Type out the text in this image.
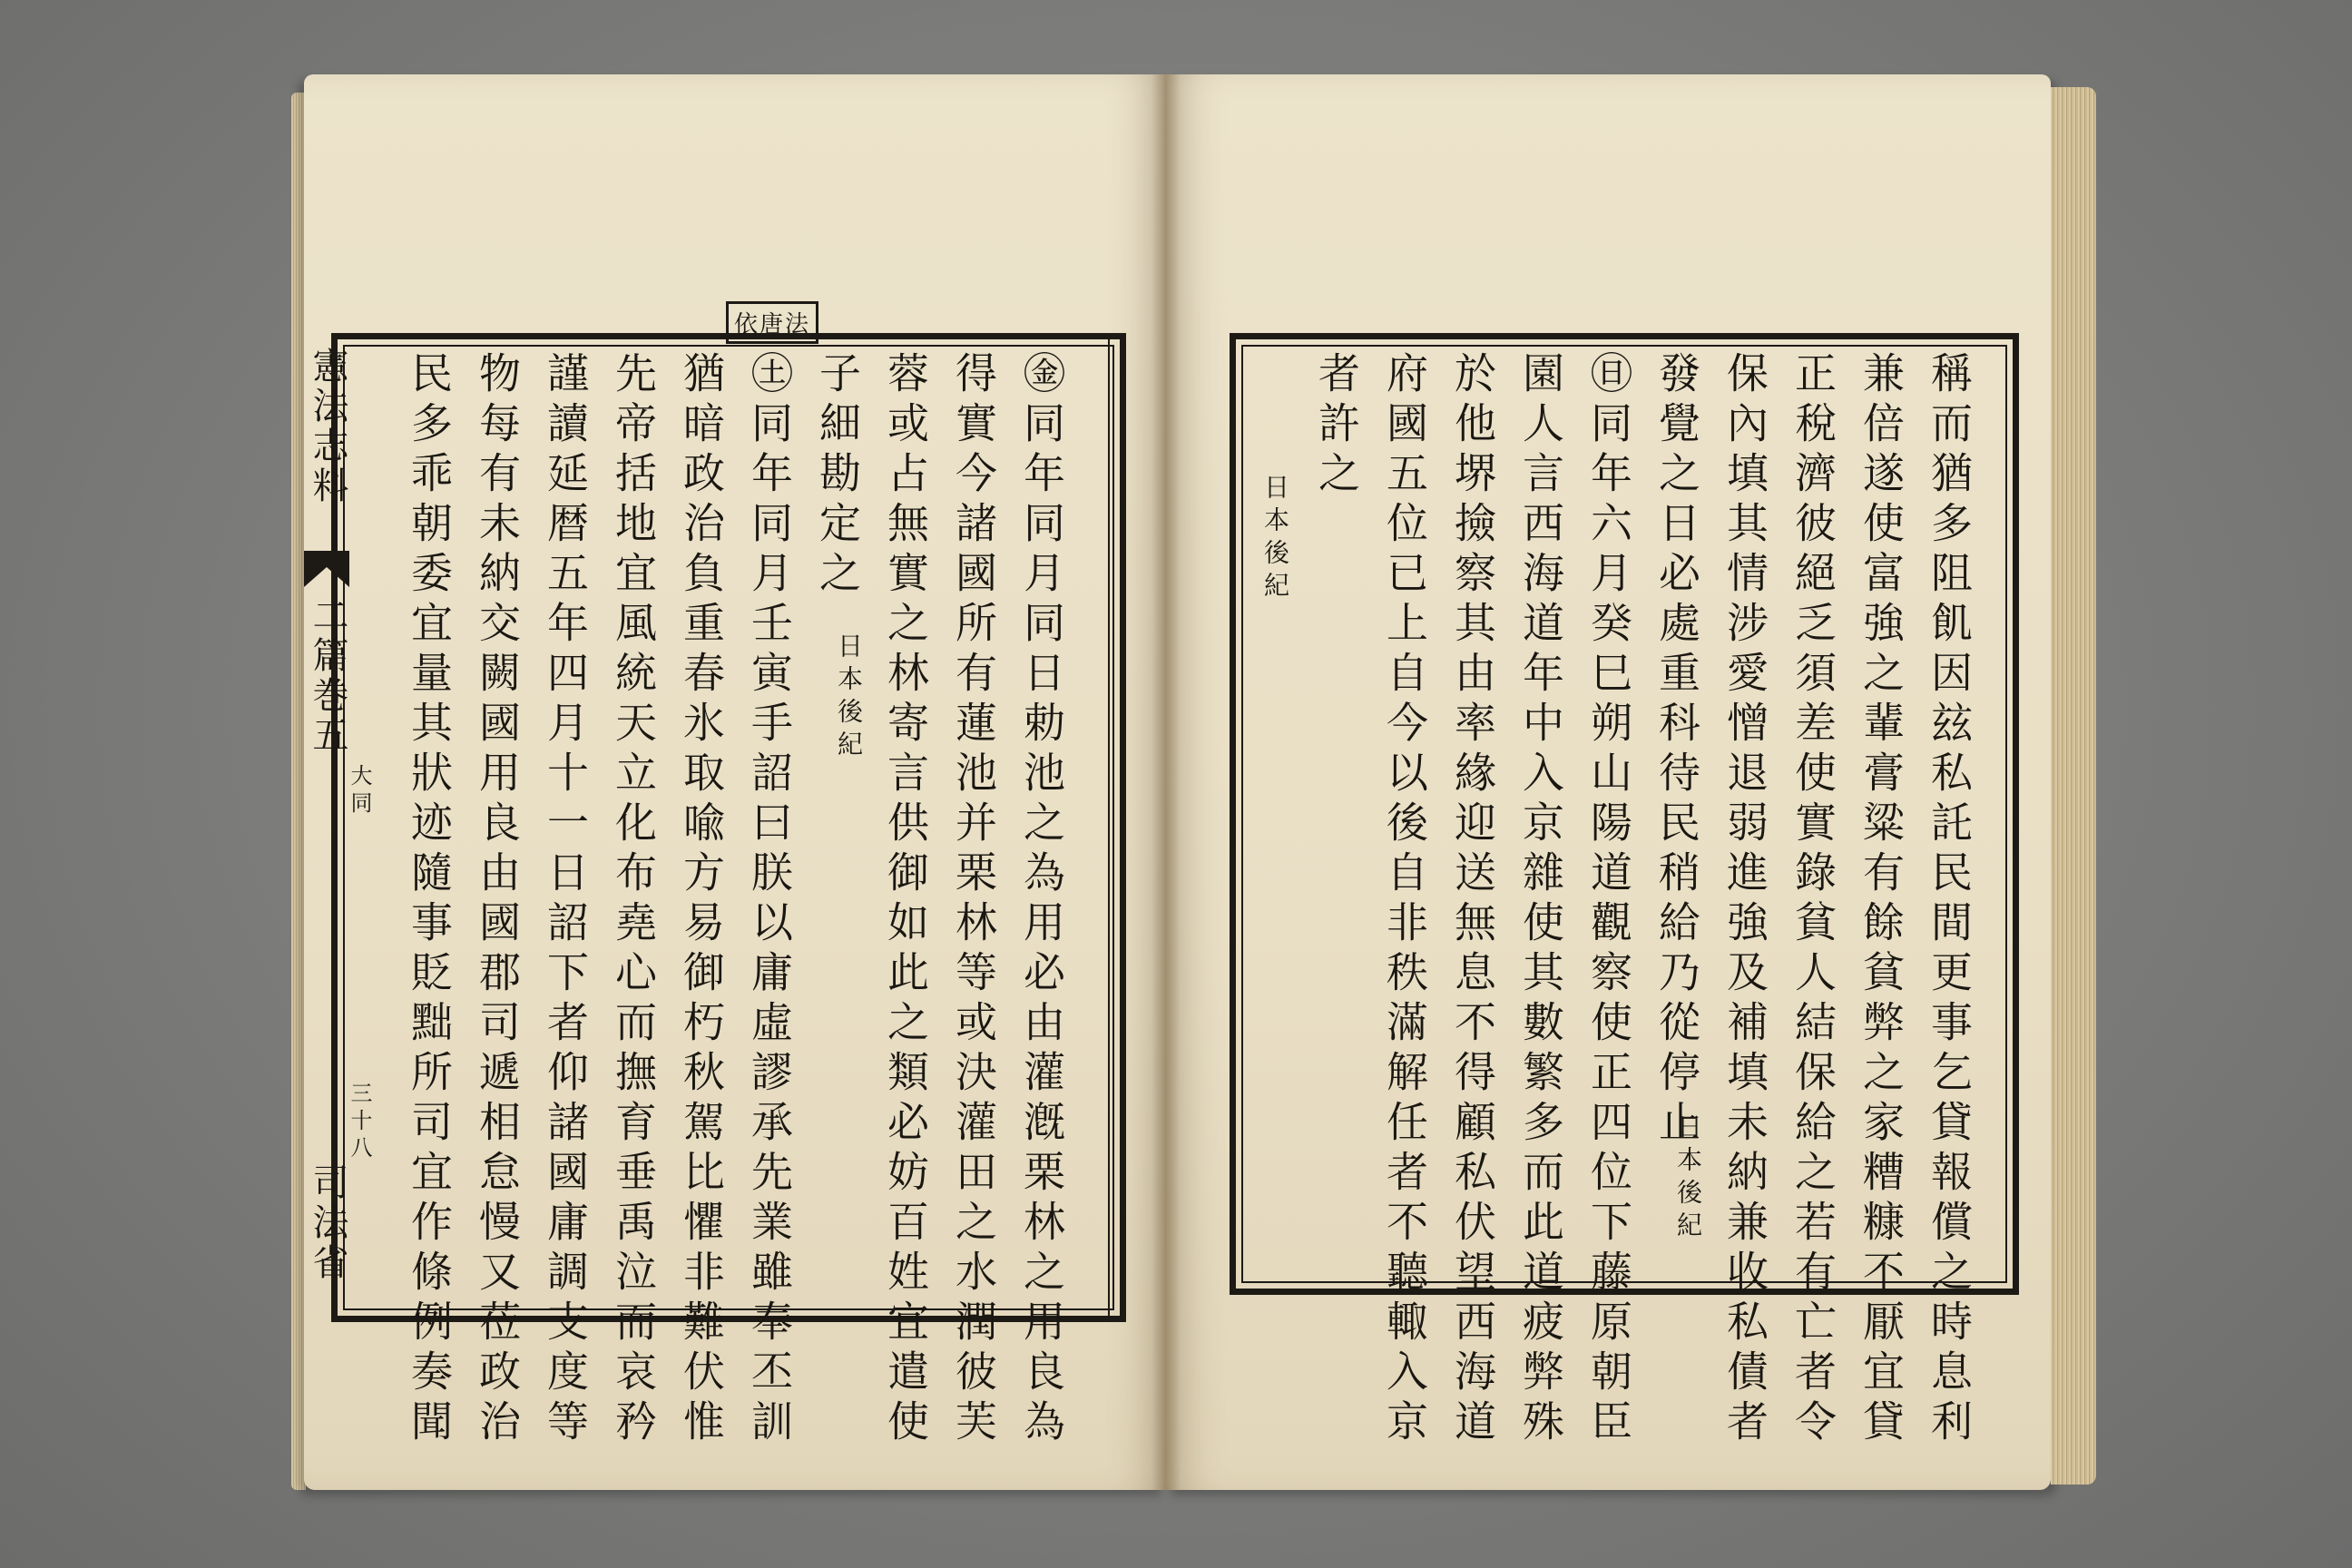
依唐法
憲法志料
二篇巻五
大同
三十八
司法省	㊎同年同月同日勅池之為用必由灌漑栗林之用良為
得實今諸國所有蓮池并栗林等或決灌田之水潤彼芙
蓉或占無實之林寄言供御如此之類必妨百姓宜遣使
子細勘定之
日本後紀
㊏同年同月壬寅手詔曰朕以庸虛謬承先業雖奉丕訓
猶暗政治負重春氷取喩方易御朽秋駕比懼非難伏惟
先帝括地宜風統天立化布堯心而撫育垂禹泣而哀矜
謹讀延暦五年四月十一日詔下者仰諸國庸調支度等
物每有未納交闕國用良由國郡司遞相怠慢又莅政治
民多乖朝委宜量其狀迹隨事貶黜所司宜作條例奏聞	稱而猶多阻飢因玆私託民間更事乞貸報償之時息利
兼倍遂使富強之輩膏粱有餘貧弊之家糟糠不厭宜貸
正稅濟彼絕乏須差使實錄貧人結保給之若有亡者令
保內填其情涉愛憎退弱進強及補填未納兼收私債者
發覺之日必處重科待民稍給乃從停止
日本後紀
㊐同年六月癸巳朔山陽道觀察使正四位下藤原朝臣
園人言西海道年中入京雜使其數繁多而此道疲弊殊
於他堺撿察其由率緣迎送無息不得顧私伏望西海道
府國五位已上自今以後自非秩滿解任者不聽輙入京
者許之
日本後紀
